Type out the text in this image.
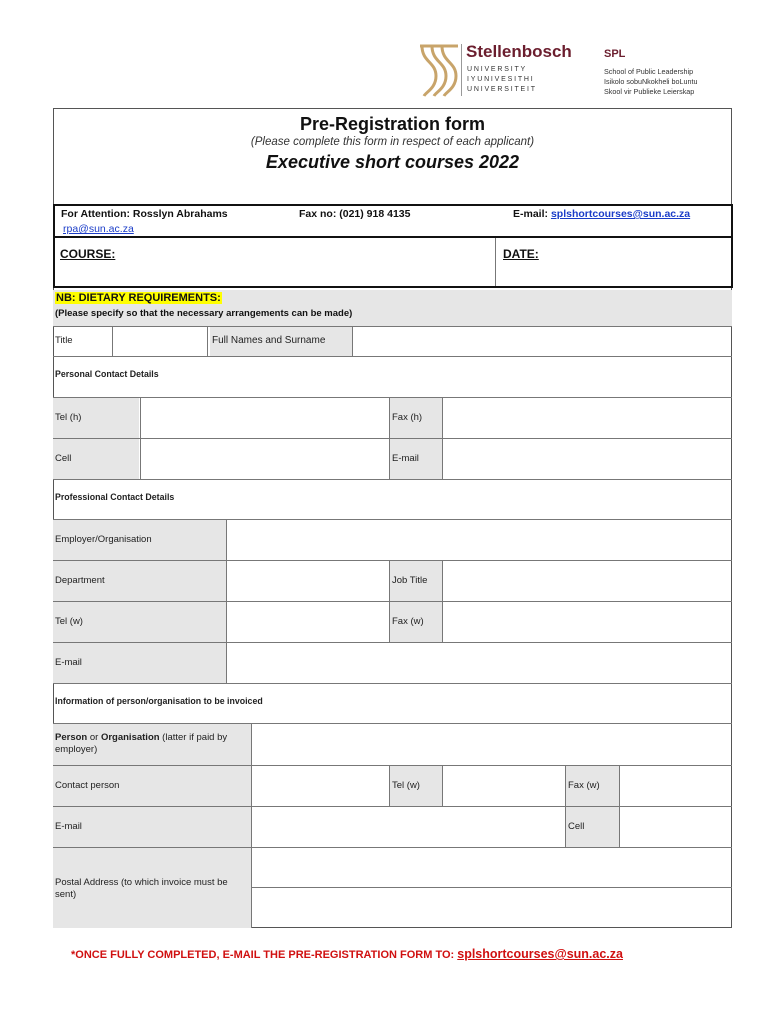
Stellenbosch
UNIVERSITY
IYUNIVESITHI
UNIVERSITEIT
SPL
School of Public Leadership
Isikolo sobuNkokheli boLuntu
Skool vir Publieke Leierskap
Pre-Registration form
(Please complete this form in respect of each applicant)
Executive short courses 2022
For Attention: Rosslyn Abrahams
rpa@sun.ac.za
Fax no: (021) 918 4135	E-mail: splshortcourses@sun.ac.za
COURSE:	DATE:
NB: DIETARY REQUIREMENTS:
(Please specify so that the necessary arrangements can be made)
Title	Full Names and Surname
Personal Contact Details
Tel (h)	Fax (h)
Cell	E-mail
Professional Contact Details
Employer/Organisation
Department	Job Title
Tel (w)	Fax (w)
E-mail
Information of person/organisation to be invoiced
Person or Organisation (latter if paid by employer)
Contact person	Tel (w)	Fax (w)
E-mail	Cell
Postal Address (to which invoice must be sent)
*ONCE FULLY COMPLETED, E-MAIL THE PRE-REGISTRATION FORM TO: splshortcourses@sun.ac.za
